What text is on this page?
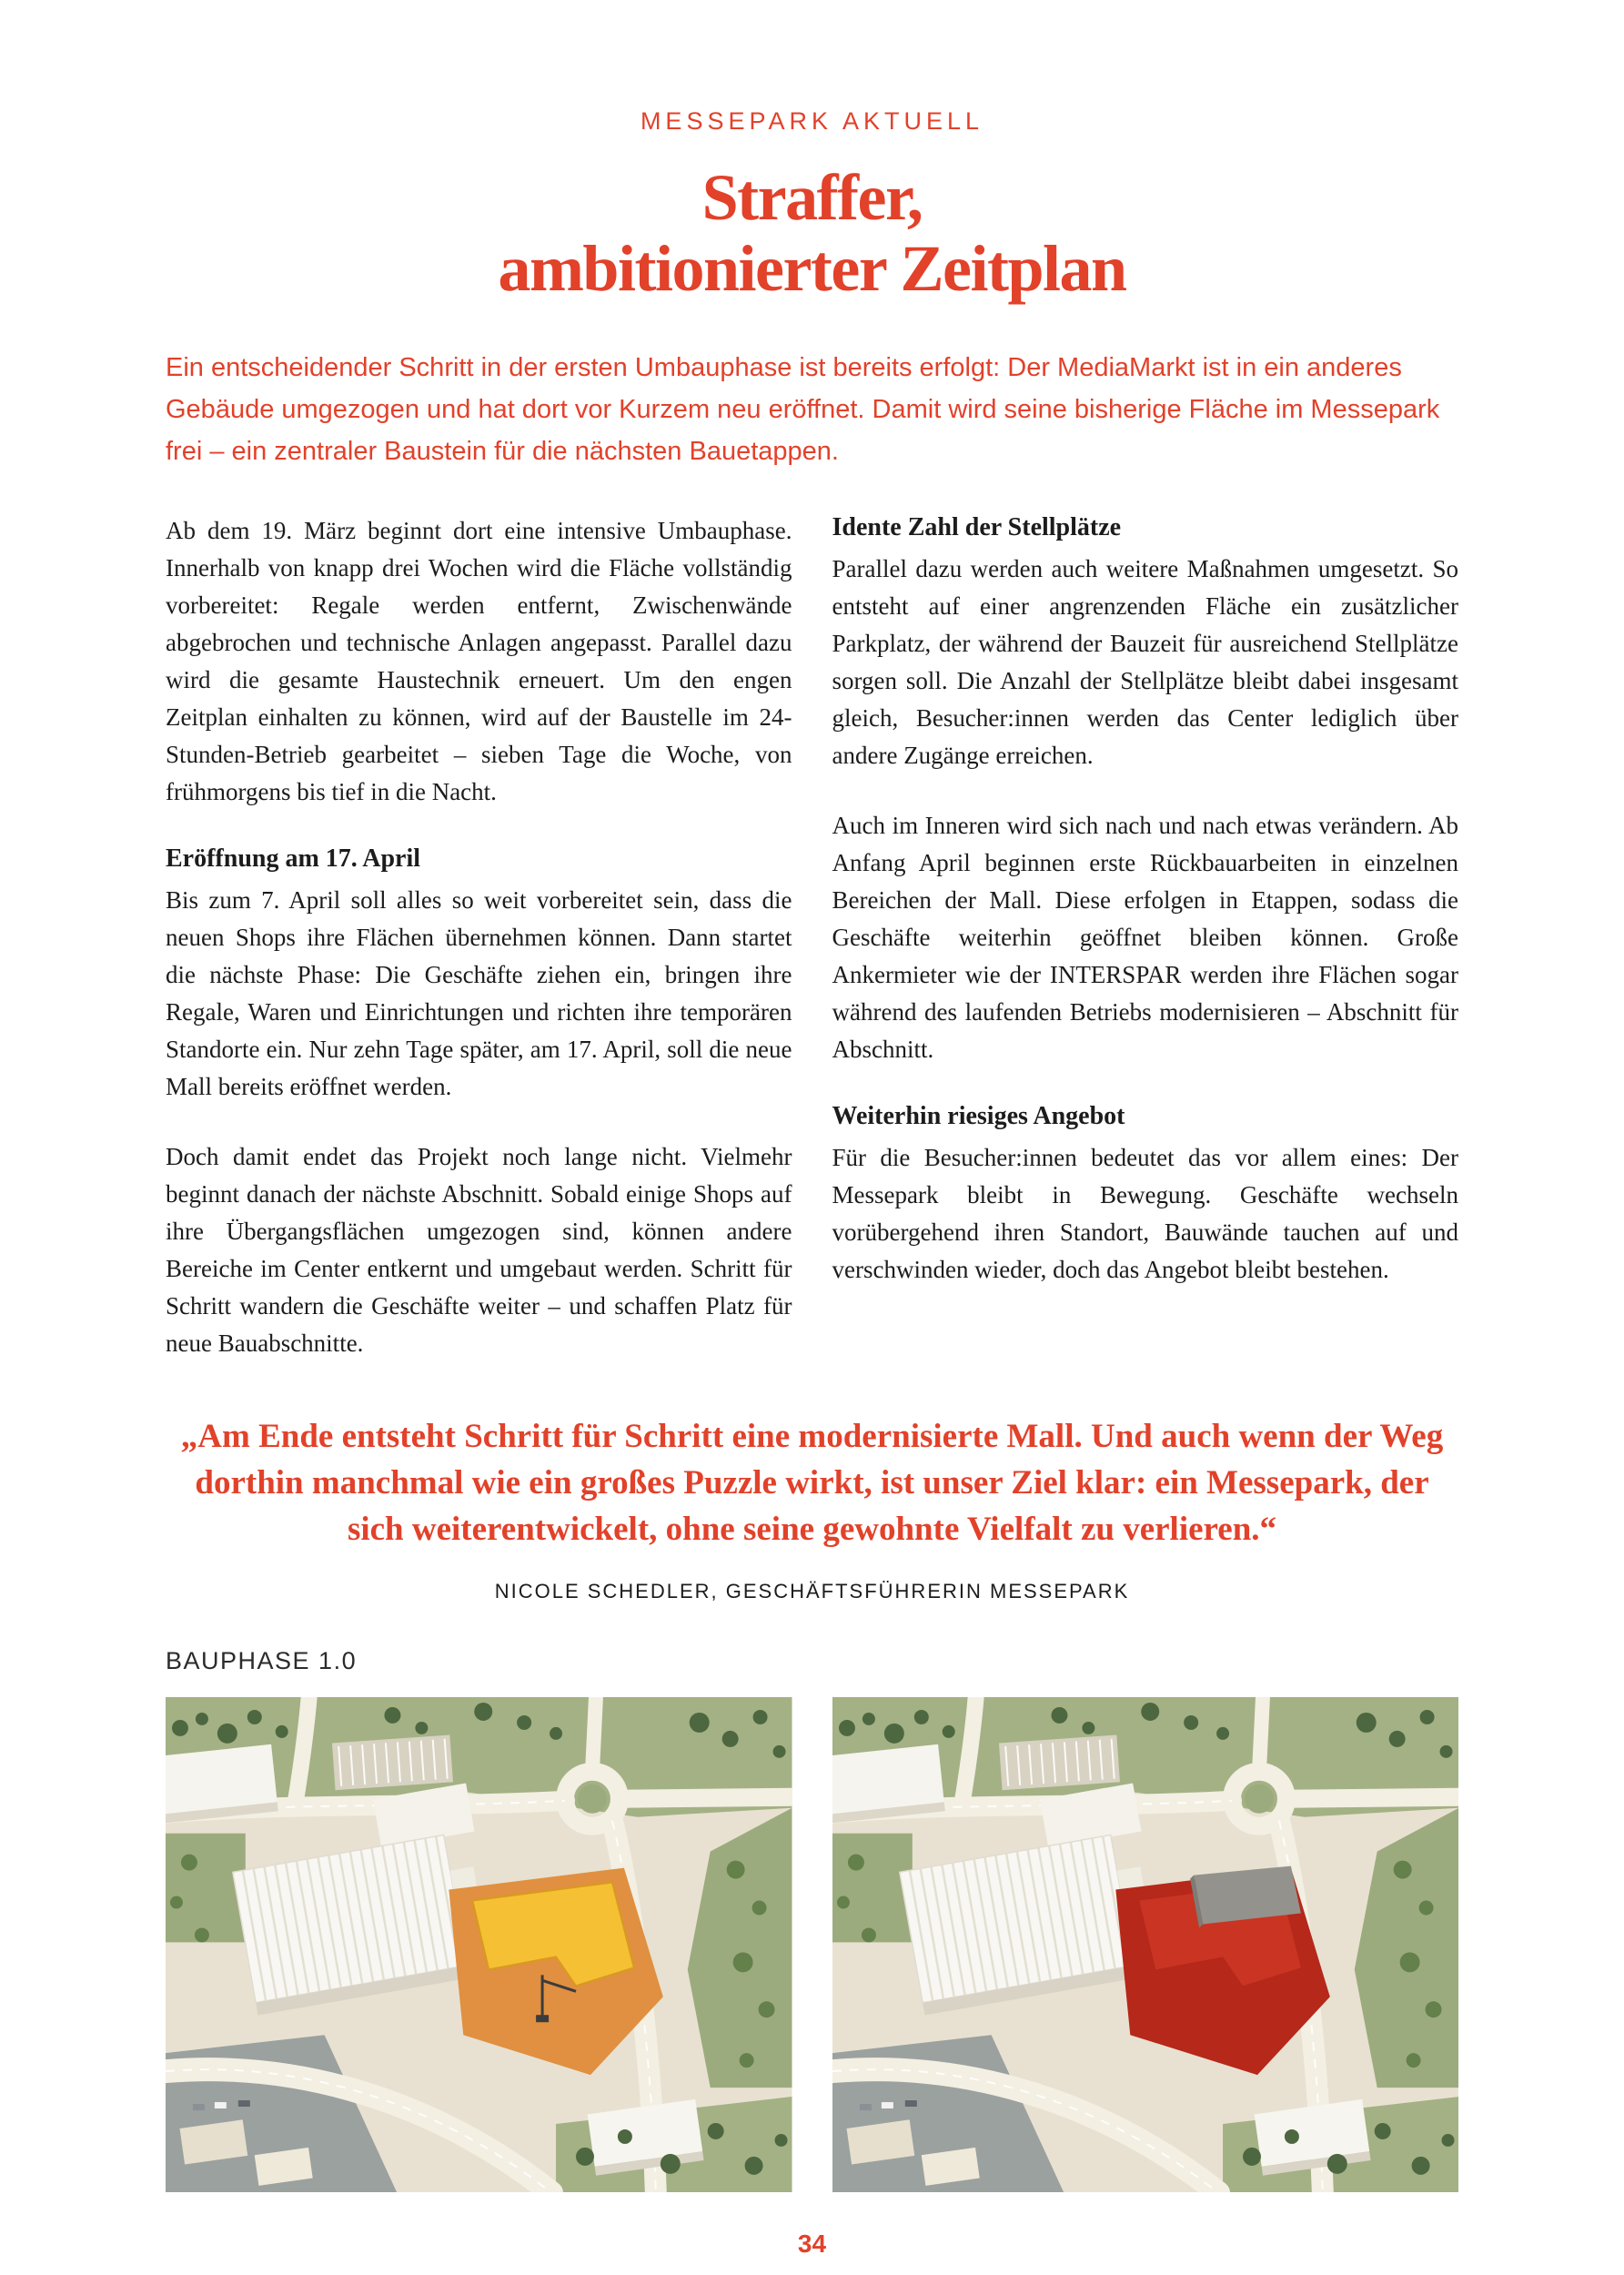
MESSEPARK AKTUELL
Straffer,
ambitionierter Zeitplan

Ein entscheidender Schritt in der ersten Umbauphase ist bereits erfolgt: Der MediaMarkt ist in ein anderes Gebäude umgezogen und hat dort vor Kurzem neu eröffnet. Damit wird seine bisherige Fläche im Messepark frei – ein zentraler Baustein für die nächsten Bauetappen.

Ab dem 19. März beginnt dort eine intensive Umbauphase. Innerhalb von knapp drei Wochen wird die Fläche vollständig vorbereitet: Regale werden entfernt, Zwischenwände abgebrochen und technische Anlagen angepasst. Parallel dazu wird die gesamte Haustechnik erneuert. Um den engen Zeitplan einhalten zu können, wird auf der Baustelle im 24-Stunden-Betrieb gearbeitet – sieben Tage die Woche, von frühmorgens bis tief in die Nacht.

Eröffnung am 17. April

Bis zum 7. April soll alles so weit vorbereitet sein, dass die neuen Shops ihre Flächen übernehmen können. Dann startet die nächste Phase: Die Geschäfte ziehen ein, bringen ihre Regale, Waren und Einrichtungen und richten ihre temporären Standorte ein. Nur zehn Tage später, am 17. April, soll die neue Mall bereits eröffnet werden.

Doch damit endet das Projekt noch lange nicht. Vielmehr beginnt danach der nächste Abschnitt. Sobald einige Shops auf ihre Übergangsflächen umgezogen sind, können andere Bereiche im Center entkernt und umgebaut werden. Schritt für Schritt wandern die Geschäfte weiter – und schaffen Platz für neue Bauabschnitte.

Idente Zahl der Stellplätze

Parallel dazu werden auch weitere Maßnahmen umgesetzt. So entsteht auf einer angrenzenden Fläche ein zusätzlicher Parkplatz, der während der Bauzeit für ausreichend Stellplätze sorgen soll. Die Anzahl der Stellplätze bleibt dabei insgesamt gleich, Besucher:innen werden das Center lediglich über andere Zugänge erreichen.

Auch im Inneren wird sich nach und nach etwas verändern. Ab Anfang April beginnen erste Rückbauarbeiten in einzelnen Bereichen der Mall. Diese erfolgen in Etappen, sodass die Geschäfte weiterhin geöffnet bleiben können. Große Ankermieter wie der INTERSPAR werden ihre Flächen sogar während des laufenden Betriebs modernisieren – Abschnitt für Abschnitt.

Weiterhin riesiges Angebot

Für die Besucher:innen bedeutet das vor allem eines: Der Messepark bleibt in Bewegung. Geschäfte wechseln vorübergehend ihren Standort, Bauwände tauchen auf und verschwinden wieder, doch das Angebot bleibt bestehen.

„Am Ende entsteht Schritt für Schritt eine modernisierte Mall. Und auch wenn der Weg dorthin manchmal wie ein großes Puzzle wirkt, ist unser Ziel klar: ein Messepark, der sich weiterentwickelt, ohne seine gewohnte Vielfalt zu verlieren.“
NICOLE SCHEDLER, GESCHÄFTSFÜHRERIN MESSEPARK
BAUPHASE 1.0
34
